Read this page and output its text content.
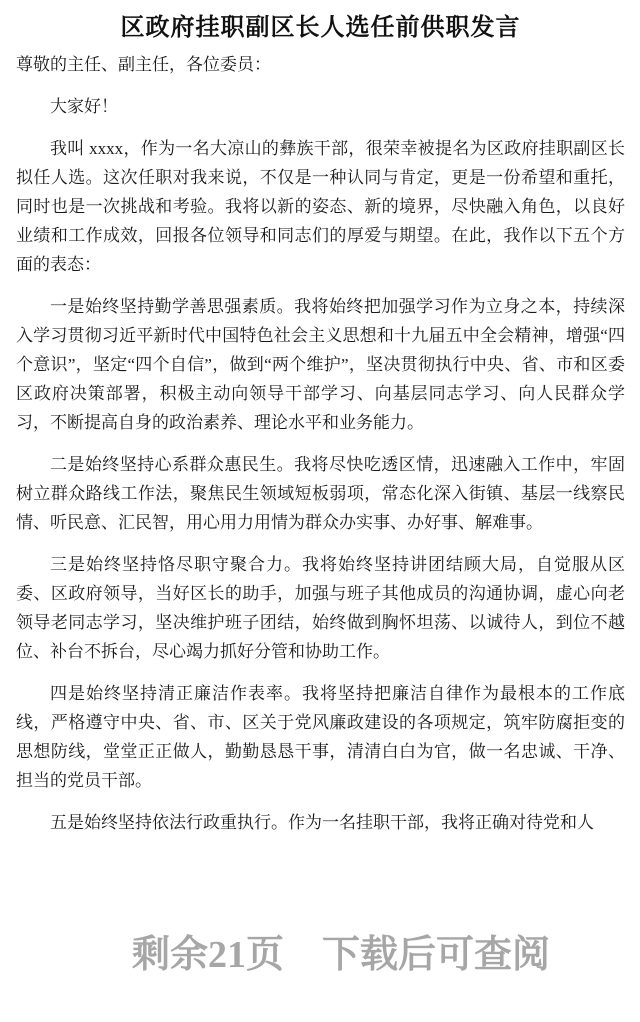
区政府挂职副区长人选任前供职发言

尊敬的主任、副主任，各位委员：

大家好！

我叫 xxxx，作为一名大凉山的彝族干部，很荣幸被提名为区政府挂职副区长拟任人选。这次任职对我来说，不仅是一种认同与肯定，更是一份希望和重托，同时也是一次挑战和考验。我将以新的姿态、新的境界，尽快融入角色，以良好业绩和工作成效，回报各位领导和同志们的厚爱与期望。在此，我作以下五个方面的表态：

一是始终坚持勤学善思强素质。我将始终把加强学习作为立身之本，持续深入学习贯彻习近平新时代中国特色社会主义思想和十九届五中全会精神，增强“四个意识”，坚定“四个自信”，做到“两个维护”，坚决贯彻执行中央、省、市和区委区政府决策部署，积极主动向领导干部学习、向基层同志学习、向人民群众学习，不断提高自身的政治素养、理论水平和业务能力。

二是始终坚持心系群众惠民生。我将尽快吃透区情，迅速融入工作中，牢固树立群众路线工作法，聚焦民生领域短板弱项，常态化深入街镇、基层一线察民情、听民意、汇民智，用心用力用情为群众办实事、办好事、解难事。

三是始终坚持恪尽职守聚合力。我将始终坚持讲团结顾大局，自觉服从区委、区政府领导，当好区长的助手，加强与班子其他成员的沟通协调，虚心向老领导老同志学习，坚决维护班子团结，始终做到胸怀坦荡、以诚待人，到位不越位、补台不拆台，尽心竭力抓好分管和协助工作。

四是始终坚持清正廉洁作表率。我将坚持把廉洁自律作为最根本的工作底线，严格遵守中央、省、市、区关于党风廉政建设的各项规定，筑牢防腐拒变的思想防线，堂堂正正做人，勤勤恳恳干事，清清白白为官，做一名忠诚、干净、担当的党员干部。

五是始终坚持依法行政重执行。作为一名挂职干部，我将正确对待党和人

剩余21页 下载后可查阅
